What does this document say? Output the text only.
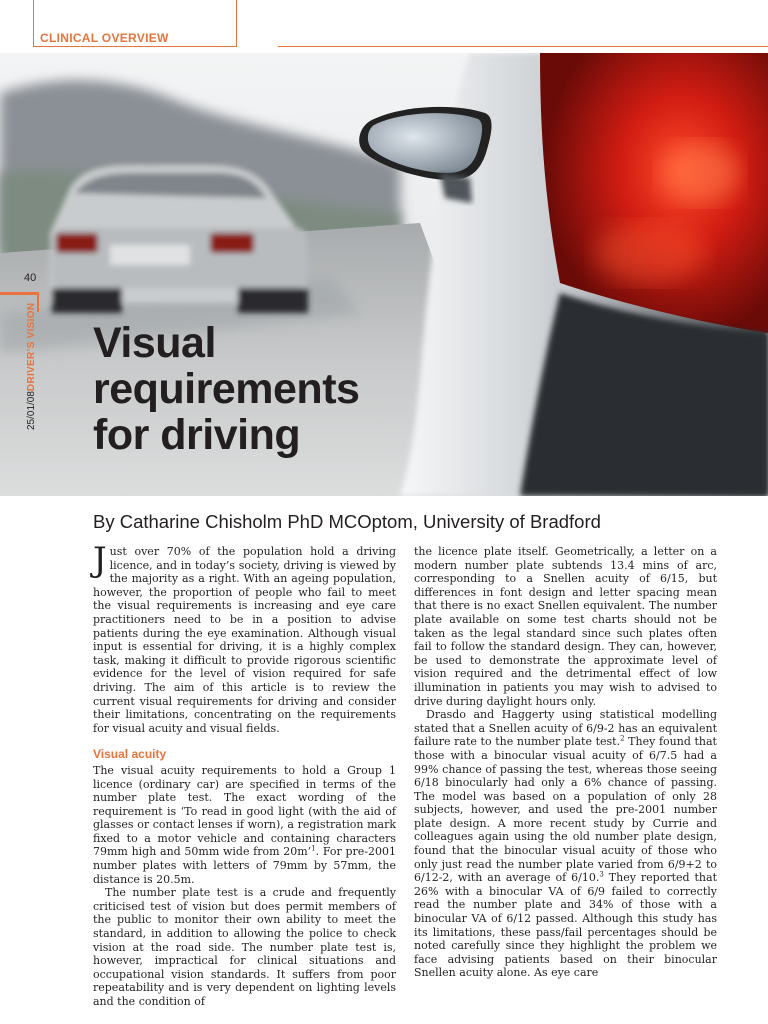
CLINICAL OVERVIEW
Visual
requirements
for driving
40
25/01/08DRIVER’S VISION
By Catharine Chisholm PhD MCOptom, University of Bradford

Just over 70% of the population hold a driving licence, and in today’s society, driving is viewed by the majority as a right. With an ageing population, however, the proportion of people who fail to meet the visual requirements is increasing and eye care practitioners need to be in a position to advise patients during the eye examination. Although visual input is essential for driving, it is a highly complex task, making it difficult to provide rigorous scientific evidence for the level of vision required for safe driving. The aim of this article is to review the current visual requirements for driving and consider their limitations, concentrating on the requirements for visual acuity and visual fields.

Visual acuity

The visual acuity requirements to hold a Group 1 licence (ordinary car) are specified in terms of the number plate test. The exact wording of the requirement is ‘To read in good light (with the aid of glasses or contact lenses if worn), a registration mark fixed to a motor vehicle and containing characters 79mm high and 50mm wide from 20m’$^1$. For pre-2001 number plates with letters of 79mm by 57mm, the distance is 20.5m.

The number plate test is a crude and frequently criticised test of vision but does permit members of the public to monitor their own ability to meet the standard, in addition to allowing the police to check vision at the road side. The number plate test is, however, impractical for clinical situations and occupational vision standards. It suffers from poor repeatability and is very dependent on lighting levels and the condition of

the licence plate itself. Geometrically, a letter on a modern number plate subtends 13.4 mins of arc, corresponding to a Snellen acuity of 6/15, but differences in font design and letter spacing mean that there is no exact Snellen equivalent. The number plate available on some test charts should not be taken as the legal standard since such plates often fail to follow the standard design. They can, however, be used to demonstrate the approximate level of vision required and the detrimental effect of low illumination in patients you may wish to advised to drive during daylight hours only.

Drasdo and Haggerty using statistical modelling stated that a Snellen acuity of 6/9-2 has an equivalent failure rate to the number plate test.$^2$ They found that those with a binocular visual acuity of 6/7.5 had a 99% chance of passing the test, whereas those seeing 6/18 binocularly had only a 6% chance of passing. The model was based on a population of only 28 subjects, however, and used the pre-2001 number plate design. A more recent study by Currie and colleagues again using the old number plate design, found that the binocular visual acuity of those who only just read the number plate varied from 6/9+2 to 6/12-2, with an average of 6/10.$^3$ They reported that 26% with a binocular VA of 6/9 failed to correctly read the number plate and 34% of those with a binocular VA of 6/12 passed. Although this study has its limitations, these pass/fail percentages should be noted carefully since they highlight the problem we face advising patients based on their binocular Snellen acuity alone. As eye care
